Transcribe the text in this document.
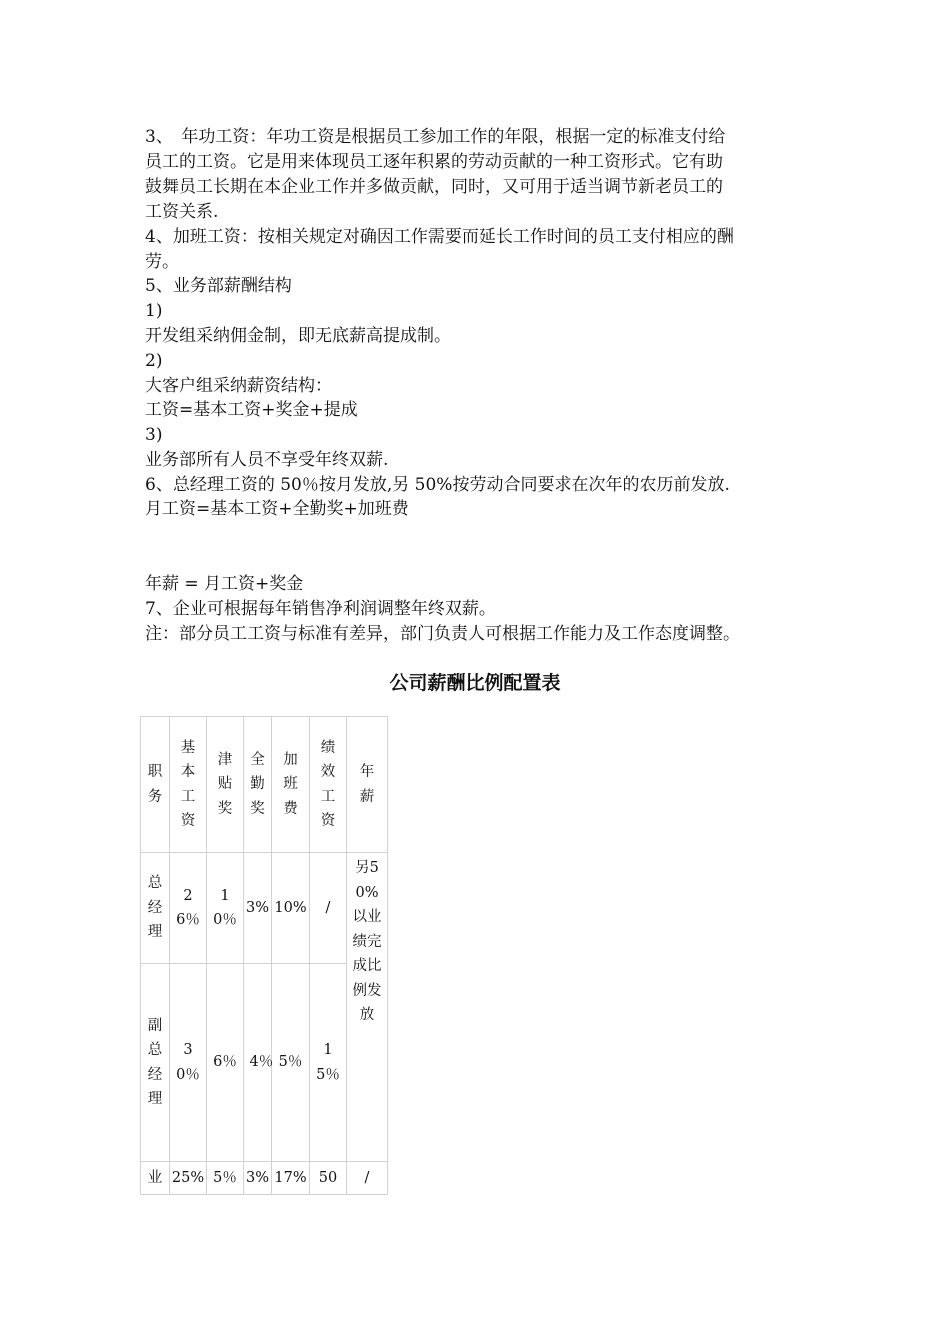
3、　年功工资：年功工资是根据员工参加工作的年限，根据一定的标准支付给
员工的工资。它是用来体现员工逐年积累的劳动贡献的一种工资形式。它有助
鼓舞员工长期在本企业工作并多做贡献，同时，又可用于适当调节新老员工的
工资关系.
4、加班工资：按相关规定对确因工作需要而延长工作时间的员工支付相应的酬
劳。
5、业务部薪酬结构
1)
开发组采纳佣金制，即无底薪高提成制。
2)
大客户组采纳薪资结构：
工资=基本工资+奖金+提成
3)
业务部所有人员不享受年终双薪.
6、总经理工资的 50％按月发放,另 50%按劳动合同要求在次年的农历前发放.
月工资=基本工资+全勤奖+加班费
年薪 = 月工资+奖金
7、企业可根据每年销售净利润调整年终双薪。
注：部分员工工资与标准有差异，部门负责人可根据工作能力及工作态度调整。
公司薪酬比例配置表
职务	基本工资	津贴奖	全勤奖	加班费	绩效工资	年薪
总经理	26％	10％	3%	10%	/	另50%以业绩完成比例发放
副总经理	30％	6％	4％	5％	15％	
业	25%	5％	3%	17%	50	/
